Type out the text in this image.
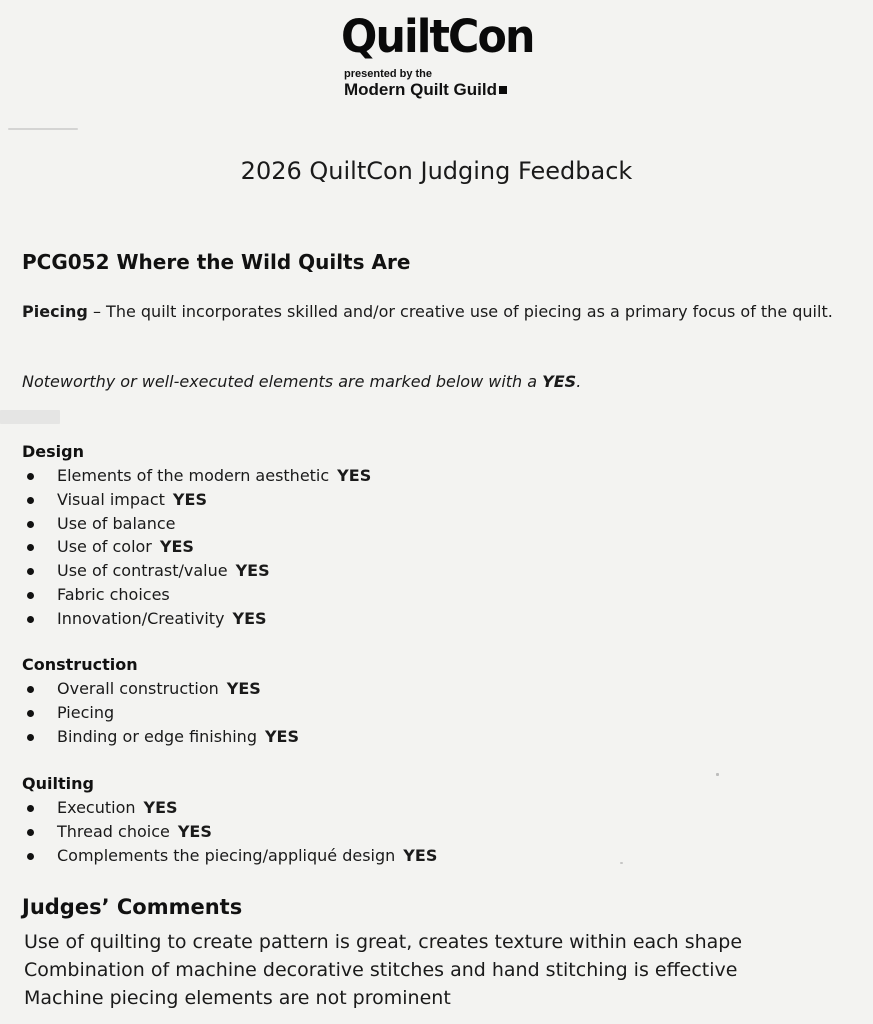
QuiltCon
presented by the
Modern Quilt Guild
2026 QuiltCon Judging Feedback
PCG052 Where the Wild Quilts Are
Piecing – The quilt incorporates skilled and/or creative use of piecing as a primary focus of the quilt.
Noteworthy or well-executed elements are marked below with a YES.
Design
Elements of the modern aesthetic YES
Visual impact YES
Use of balance
Use of color YES
Use of contrast/value YES
Fabric choices
Innovation/Creativity YES
Construction
Overall construction YES
Piecing
Binding or edge finishing YES
Quilting
Execution YES
Thread choice YES
Complements the piecing/appliqué design YES
Judges’ Comments
Use of quilting to create pattern is great, creates texture within each shape
Combination of machine decorative stitches and hand stitching is effective
Machine piecing elements are not prominent
